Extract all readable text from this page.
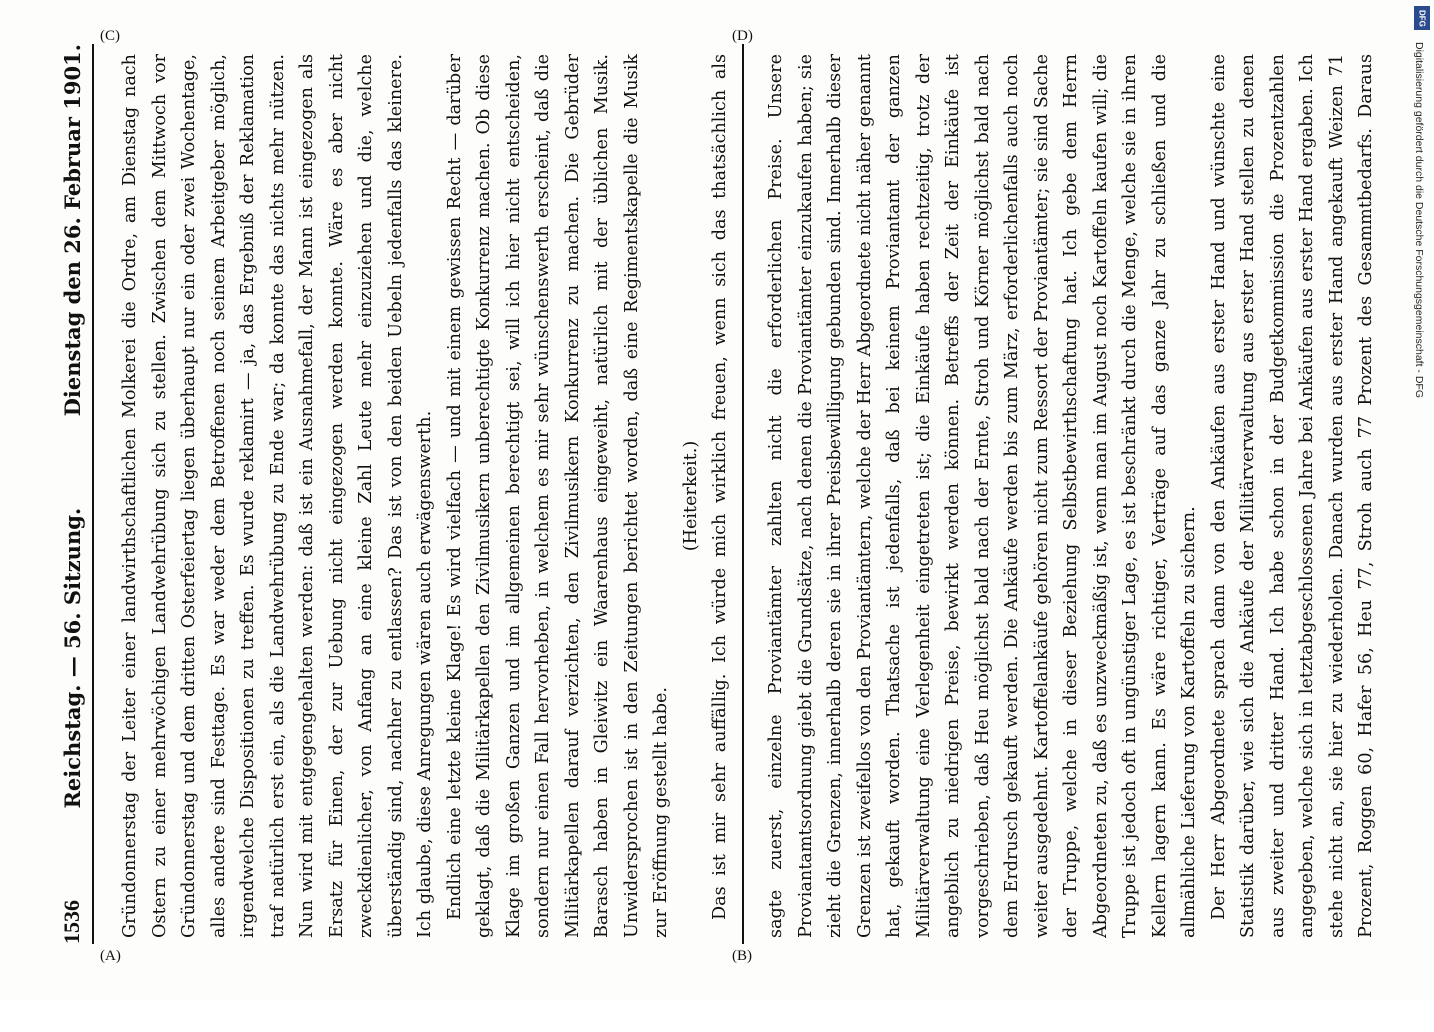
1536
Reichstag. — 56. Sitzung.
Dienstag den 26. Februar 1901. Gründonnerstag der Leiter einer landwirthschaftlichen Molkerei die Ordre, am Dienstag nach Ostern zu einer mehrwöchigen Landwehrübung sich zu stellen. Zwischen dem Mittwoch vor Gründonnerstag und dem dritten Osterfeiertag liegen überhaupt nur ein oder zwei Wochentage, alles andere sind Festtage. Es war weder dem Betroffenen noch seinem Arbeitgeber möglich, irgendwelche Dispositionen zu treffen. Es wurde reklamirt — ja, das Ergebniß der Reklamation traf natürlich erst ein, als die Landwehrübung zu Ende war; da konnte das nichts mehr nützen. Nun wird mit entgegengehalten werden: daß ist ein Ausnahmefall, der Mann ist eingezogen als Ersatz für Einen, der zur Uebung nicht eingezogen werden konnte. Wäre es aber nicht zweckdienlicher, von Anfang an eine kleine Zahl Leute mehr einzuziehen und die, welche überständig sind, nachher zu entlassen? Das ist von den beiden Uebeln jedenfalls das kleinere. Ich glaube, diese Anregungen wären auch erwägenswerth. Endlich eine letzte kleine Klage! Es wird vielfach — und mit einem gewissen Recht — darüber geklagt, daß die Militärkapellen den Zivilmusikern unberechtigte Konkurrenz machen. Ob diese Klage im großen Ganzen und im allgemeinen berechtigt sei, will ich hier nicht entscheiden, sondern nur einen Fall hervorheben, in welchem es mir sehr wünschenswerth erscheint, daß die Militärkapellen darauf verzichten, den Zivilmusikern Konkurrenz zu machen. Die Gebrüder Barasch haben in Gleiwitz ein Waarenhaus eingeweiht, natürlich mit der üblichen Musik. Unwidersprochen ist in den Zeitungen berichtet worden, daß eine Regimentskapelle die Musik zur Eröffnung gestellt habe.

(Heiterkeit.)

Das ist mir sehr auffällig. Ich würde mich wirklich freuen, wenn sich das thatsächlich als	sagte zuerst, einzelne Proviantämter zahlten nicht die erforderlichen Preise. Unsere Proviantamtsordnung giebt die Grundsätze, nach denen die Proviantämter einzukaufen haben; sie zieht die Grenzen, innerhalb deren sie in ihrer Preisbewilligung gebunden sind. Innerhalb dieser Grenzen ist zweifellos von den Proviantämtern, welche der Herr Abgeordnete nicht näher genannt hat, gekauft worden. Thatsache ist jedenfalls, daß bei keinem Proviantamt der ganzen Militärverwaltung eine Verlegenheit eingetreten ist; die Einkäufe haben rechtzeitig, trotz der angeblich zu niedrigen Preise, bewirkt werden können. Betreffs der Zeit der Einkäufe ist vorgeschrieben, daß Heu möglichst bald nach der Ernte, Stroh und Körner möglichst bald nach dem Erdrusch gekauft werden. Die Ankäufe werden bis zum März, erforderlichenfalls auch noch weiter ausgedehnt. Kartoffelankäufe gehören nicht zum Ressort der Proviantämter; sie sind Sache der Truppe, welche in dieser Beziehung Selbstbewirthschaftung hat. Ich gebe dem Herrn Abgeordneten zu, daß es unzweckmäßig ist, wenn man im August noch Kartoffeln kaufen will; die Truppe ist jedoch oft in ungünstiger Lage, es ist beschränkt durch die Menge, welche sie in ihren Kellern lagern kann. Es wäre richtiger, Verträge auf das ganze Jahr zu schließen und die allmähliche Lieferung von Kartoffeln zu sichern. Der Herr Abgeordnete sprach dann von den Ankäufen aus erster Hand und wünschte eine Statistik darüber, wie sich die Ankäufe der Militärverwaltung aus erster Hand stellen zu denen aus zweiter und dritter Hand. Ich habe schon in der Budgetkommission die Prozentzahlen angegeben, welche sich in letztabgeschlossenen Jahre bei Ankäufen aus erster Hand ergaben. Ich stehe nicht an, sie hier zu wiederholen. Danach wurden aus erster Hand angekauft Weizen 71 Prozent, Roggen 60, Hafer 56, Heu 77, Stroh auch 77 Prozent des Gesammtbedarfs. Daraus

(A)	(B)
(C)	(D)
DFG
Digitalisierung gefördert durch die Deutsche Forschungsgemeinschaft - DFG
